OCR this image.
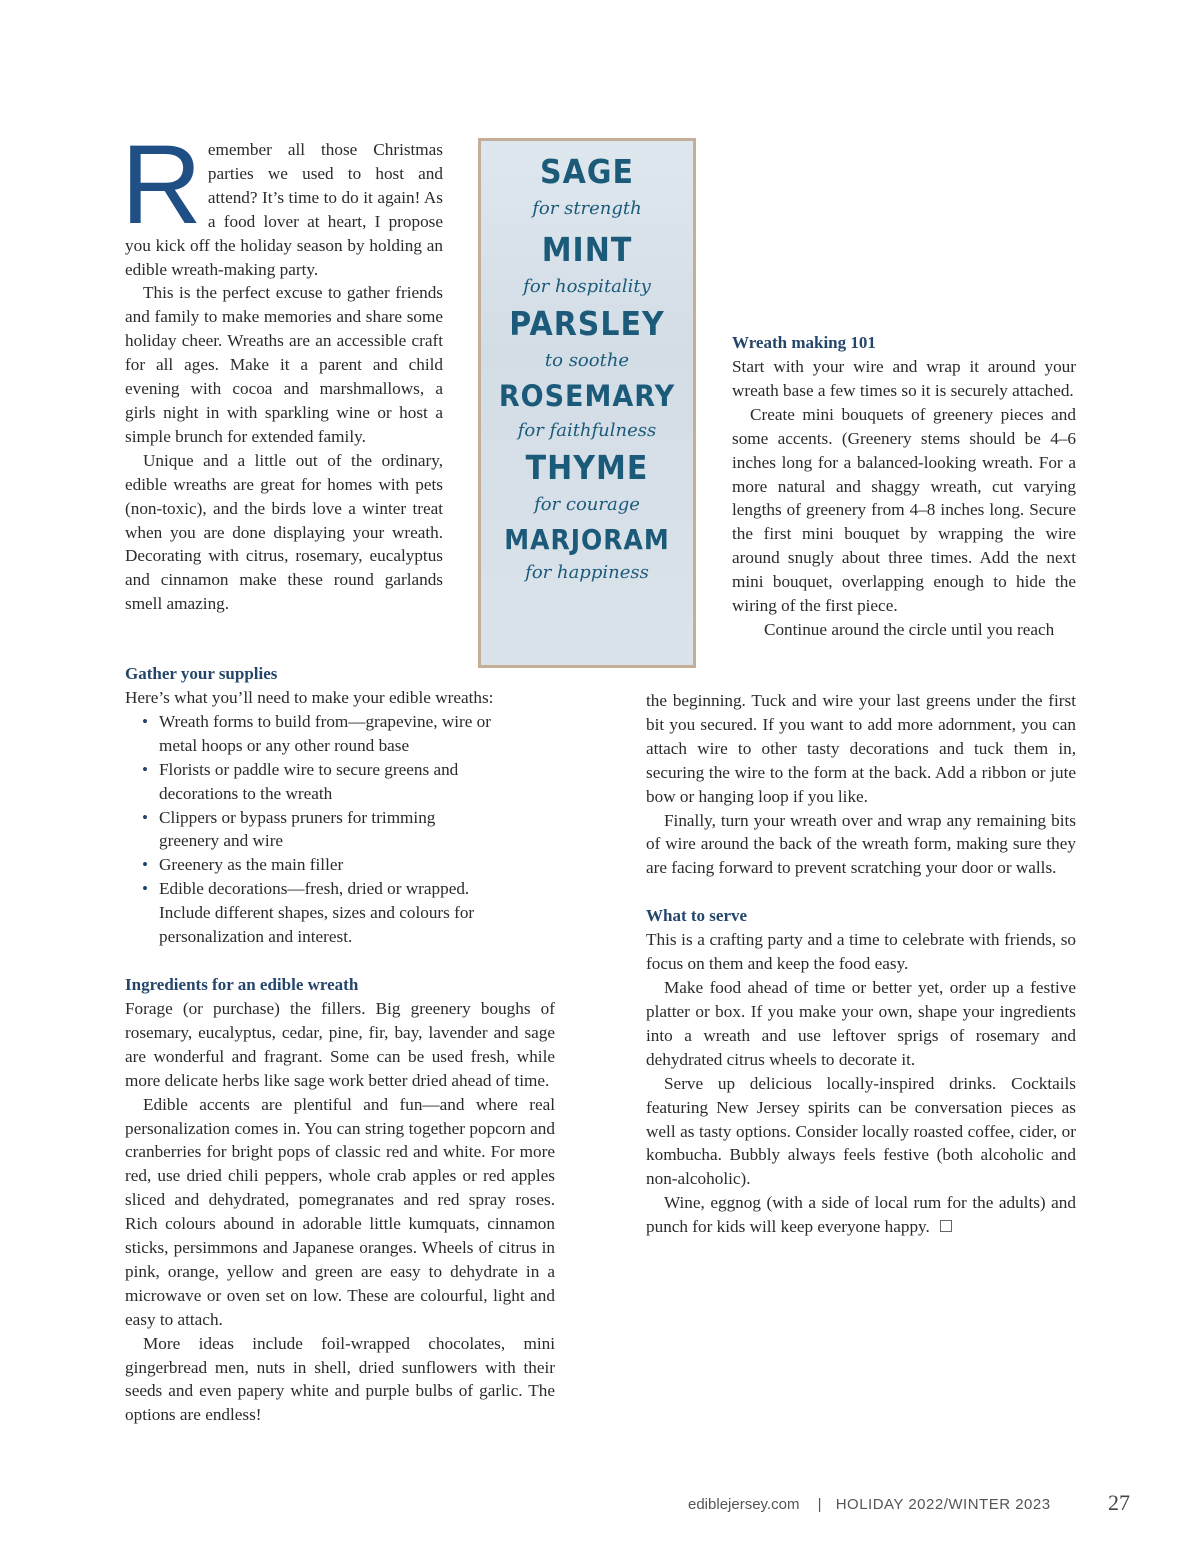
R emember all those Christmas parties we used to host and attend? It’s time to do it again! As a food lover at heart, I propose you kick off the holiday season by holding an edible wreath-making party.

This is the perfect excuse to gather friends and family to make memories and share some holiday cheer. Wreaths are an accessible craft for all ages. Make it a parent and child evening with cocoa and marshmallows, a girls night in with sparkling wine or host a simple brunch for extended family.

Unique and a little out of the ordinary, edible wreaths are great for homes with pets (non-toxic), and the birds love a winter treat when you are done displaying your wreath. Decorating with citrus, rosemary, eucalyptus and cinnamon make these round garlands smell amazing.

Gather your supplies

Here’s what you’ll need to make your edible wreaths:

• Wreath forms to build from—grapevine, wire or metal hoops or any other round base
• Florists or paddle wire to secure greens and decorations to the wreath
• Clippers or bypass pruners for trimming greenery and wire
• Greenery as the main filler
• Edible decorations—fresh, dried or wrapped. Include different shapes, sizes and colours for personalization and interest.
Ingredients for an edible wreath

Forage (or purchase) the fillers. Big greenery boughs of rosemary, eucalyptus, cedar, pine, fir, bay, lavender and sage are wonderful and fragrant. Some can be used fresh, while more delicate herbs like sage work better dried ahead of time.

Edible accents are plentiful and fun—and where real personalization comes in. You can string together popcorn and cranberries for bright pops of classic red and white. For more red, use dried chili peppers, whole crab apples or red apples sliced and dehydrated, pomegranates and red spray roses. Rich colours abound in adorable little kumquats, cinnamon sticks, persimmons and Japanese oranges. Wheels of citrus in pink, orange, yellow and green are easy to dehydrate in a microwave or oven set on low. These are colourful, light and easy to attach.

More ideas include foil-wrapped chocolates, mini gingerbread men, nuts in shell, dried sunflowers with their seeds and even papery white and purple bulbs of garlic. The options are endless!

SAGE
for strength
MINT
for hospitality
PARSLEY
to soothe
ROSEMARY
for faithfulness
THYME
for courage
MARJORAM
for happiness
Wreath making 101

Start with your wire and wrap it around your wreath base a few times so it is securely attached.

Create mini bouquets of greenery pieces and some accents. (Greenery stems should be 4–6 inches long for a balanced-looking wreath. For a more natural and shaggy wreath, cut varying lengths of greenery from 4–8 inches long. Secure the first mini bouquet by wrapping the wire around snugly about three times. Add the next mini bouquet, overlapping enough to hide the wiring of the first piece.

Continue around the circle until you reach

the beginning. Tuck and wire your last greens under the first bit you secured. If you want to add more adornment, you can attach wire to other tasty decorations and tuck them in, securing the wire to the form at the back. Add a ribbon or jute bow or hanging loop if you like.

Finally, turn your wreath over and wrap any remaining bits of wire around the back of the wreath form, making sure they are facing forward to prevent scratching your door or walls.

What to serve

This is a crafting party and a time to celebrate with friends, so focus on them and keep the food easy.

Make food ahead of time or better yet, order up a festive platter or box. If you make your own, shape your ingredients into a wreath and use leftover sprigs of rosemary and dehydrated citrus wheels to decorate it.

Serve up delicious locally-inspired drinks. Cocktails featuring New Jersey spirits can be conversation pieces as well as tasty options. Consider locally roasted coffee, cider, or kombucha. Bubbly always feels festive (both alcoholic and non-alcoholic).

Wine, eggnog (with a side of local rum for the adults) and punch for kids will keep everyone happy.

ediblejersey.com | HOLIDAY 2022/WINTER 2023	27
